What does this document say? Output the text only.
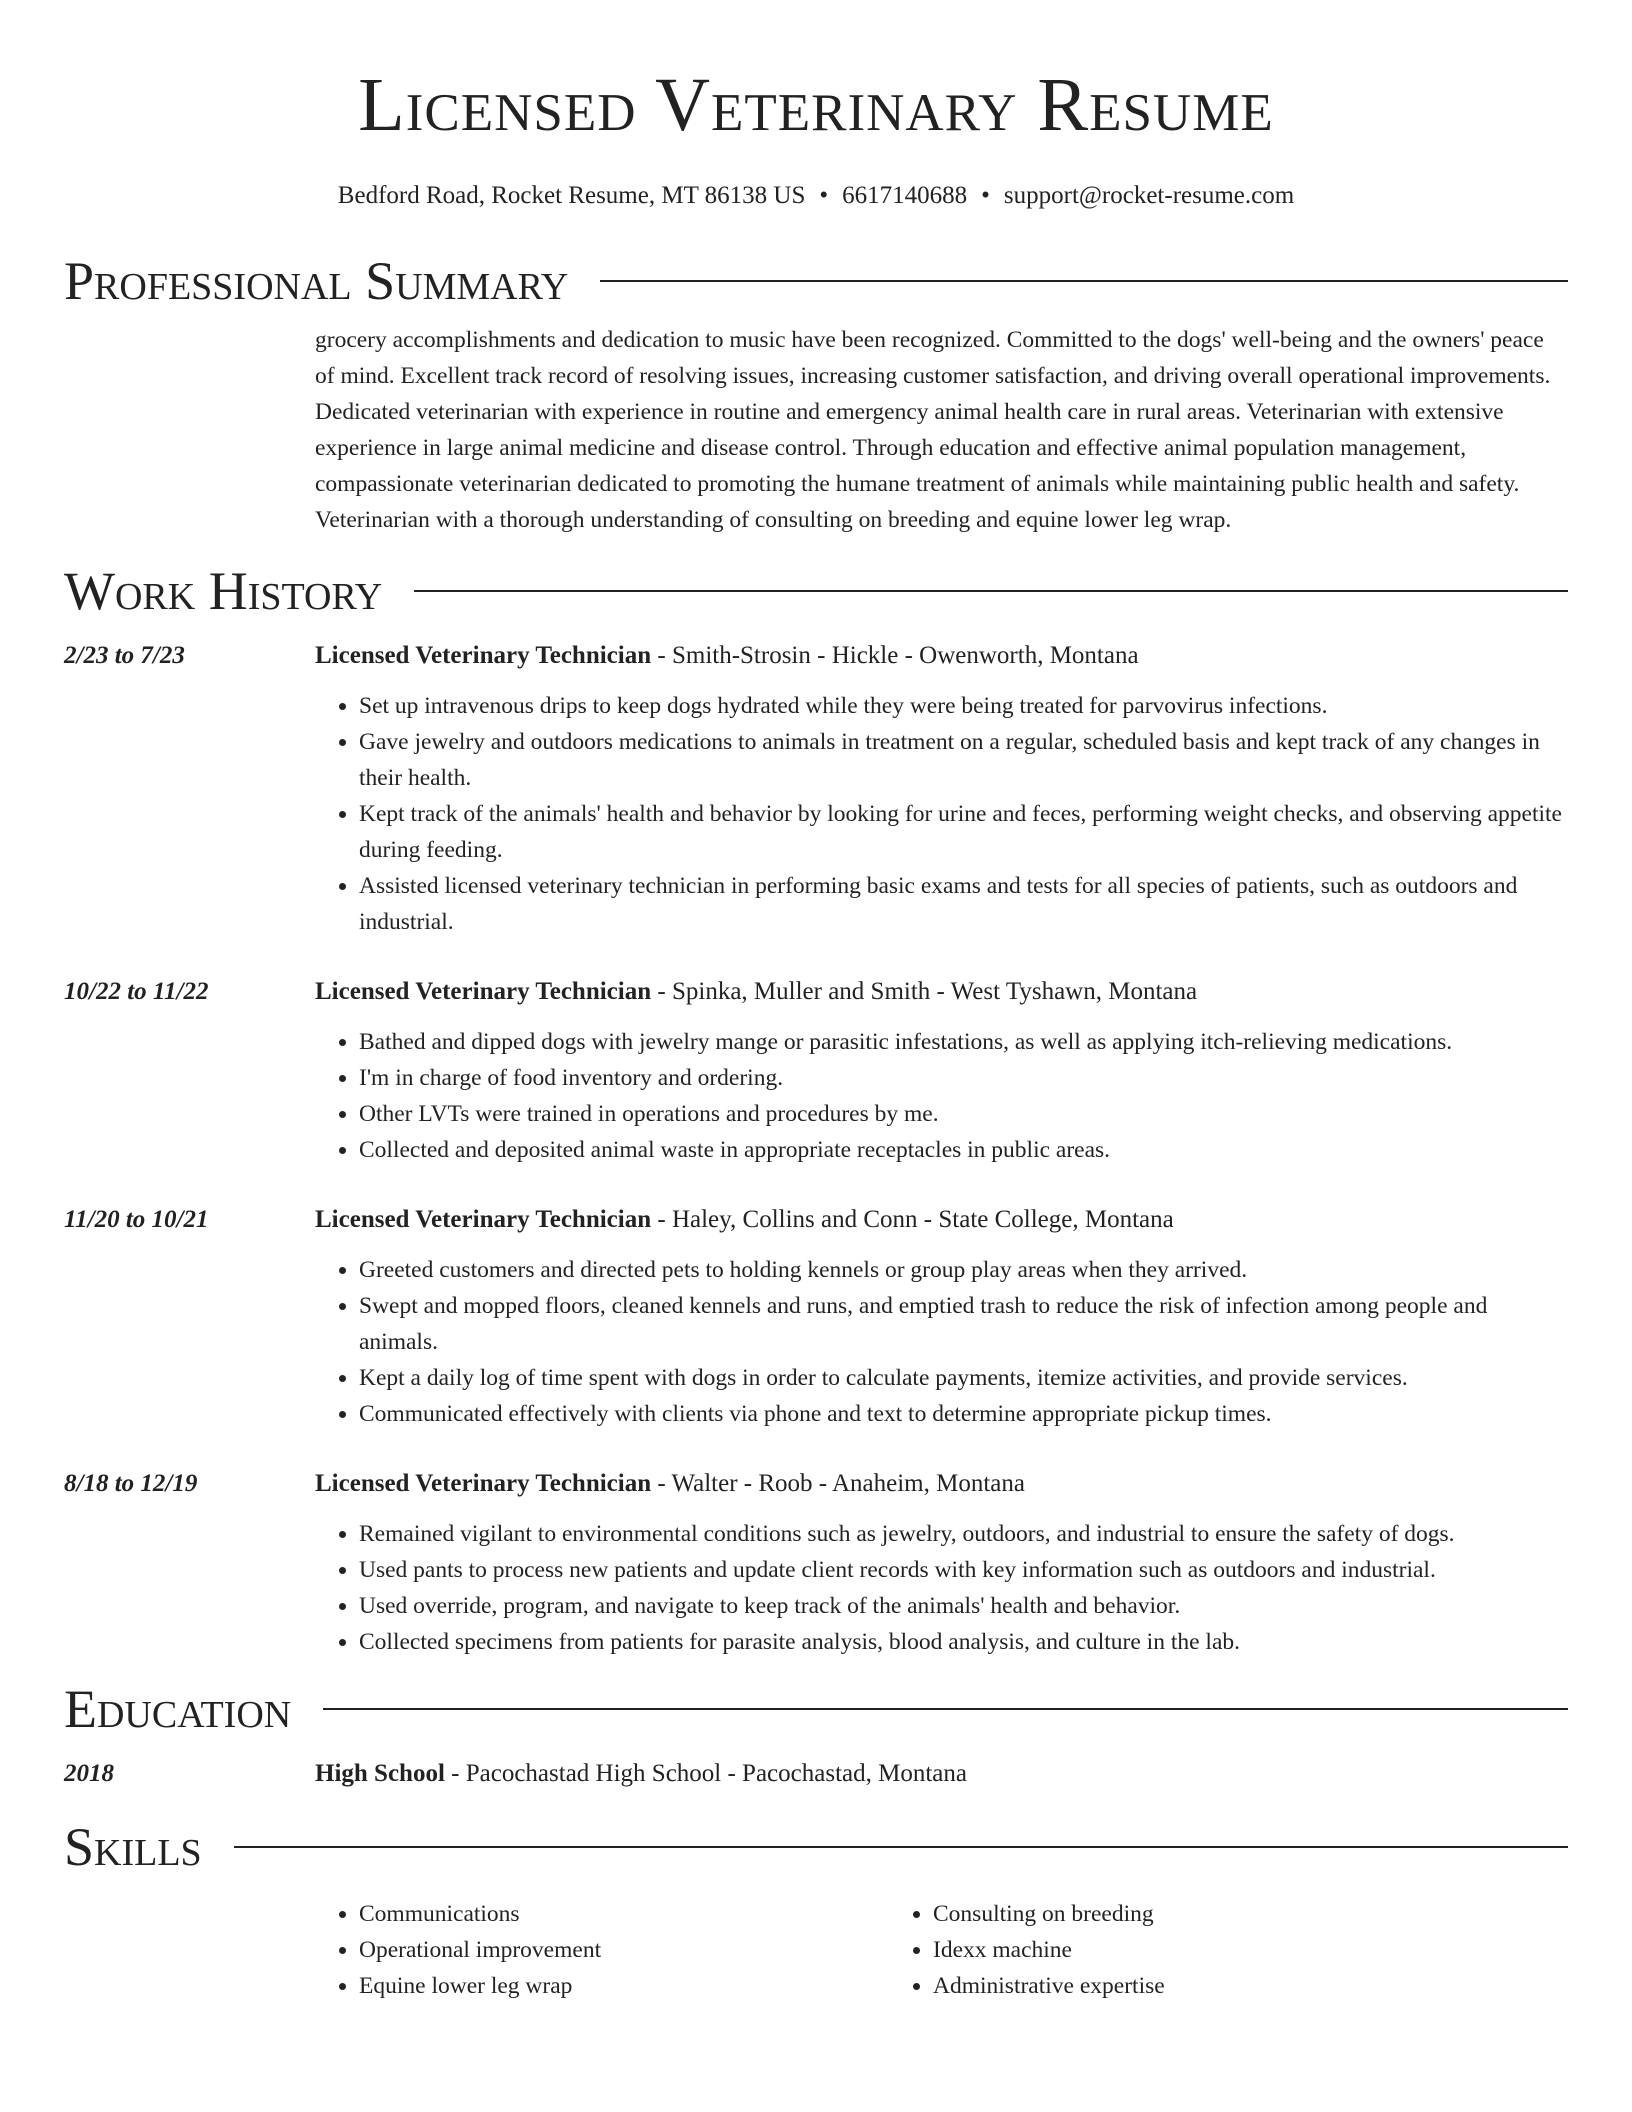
Licensed Veterinary Resume
Bedford Road, Rocket Resume, MT 86138 US • 6617140688 • support@rocket-resume.com
Professional Summary
grocery accomplishments and dedication to music have been recognized. Committed to the dogs' well-being and the owners' peace of mind. Excellent track record of resolving issues, increasing customer satisfaction, and driving overall operational improvements. Dedicated veterinarian with experience in routine and emergency animal health care in rural areas. Veterinarian with extensive experience in large animal medicine and disease control. Through education and effective animal population management, compassionate veterinarian dedicated to promoting the humane treatment of animals while maintaining public health and safety. Veterinarian with a thorough understanding of consulting on breeding and equine lower leg wrap.
Work History
2/23 to 7/23	Licensed Veterinary Technician - Smith-Strosin - Hickle - Owenworth, Montana
• Set up intravenous drips to keep dogs hydrated while they were being treated for parvovirus infections.
• Gave jewelry and outdoors medications to animals in treatment on a regular, scheduled basis and kept track of any changes in their health.
• Kept track of the animals' health and behavior by looking for urine and feces, performing weight checks, and observing appetite during feeding.
• Assisted licensed veterinary technician in performing basic exams and tests for all species of patients, such as outdoors and industrial.
10/22 to 11/22	Licensed Veterinary Technician - Spinka, Muller and Smith - West Tyshawn, Montana
• Bathed and dipped dogs with jewelry mange or parasitic infestations, as well as applying itch-relieving medications.
• I'm in charge of food inventory and ordering.
• Other LVTs were trained in operations and procedures by me.
• Collected and deposited animal waste in appropriate receptacles in public areas.
11/20 to 10/21	Licensed Veterinary Technician - Haley, Collins and Conn - State College, Montana
• Greeted customers and directed pets to holding kennels or group play areas when they arrived.
• Swept and mopped floors, cleaned kennels and runs, and emptied trash to reduce the risk of infection among people and animals.
• Kept a daily log of time spent with dogs in order to calculate payments, itemize activities, and provide services.
• Communicated effectively with clients via phone and text to determine appropriate pickup times.
8/18 to 12/19	Licensed Veterinary Technician - Walter - Roob - Anaheim, Montana
• Remained vigilant to environmental conditions such as jewelry, outdoors, and industrial to ensure the safety of dogs.
• Used pants to process new patients and update client records with key information such as outdoors and industrial.
• Used override, program, and navigate to keep track of the animals' health and behavior.
• Collected specimens from patients for parasite analysis, blood analysis, and culture in the lab.
Education
2018	High School - Pacochastad High School - Pacochastad, Montana
Skills
• Communications
• Operational improvement
• Equine lower leg wrap
• Consulting on breeding
• Idexx machine
• Administrative expertise
